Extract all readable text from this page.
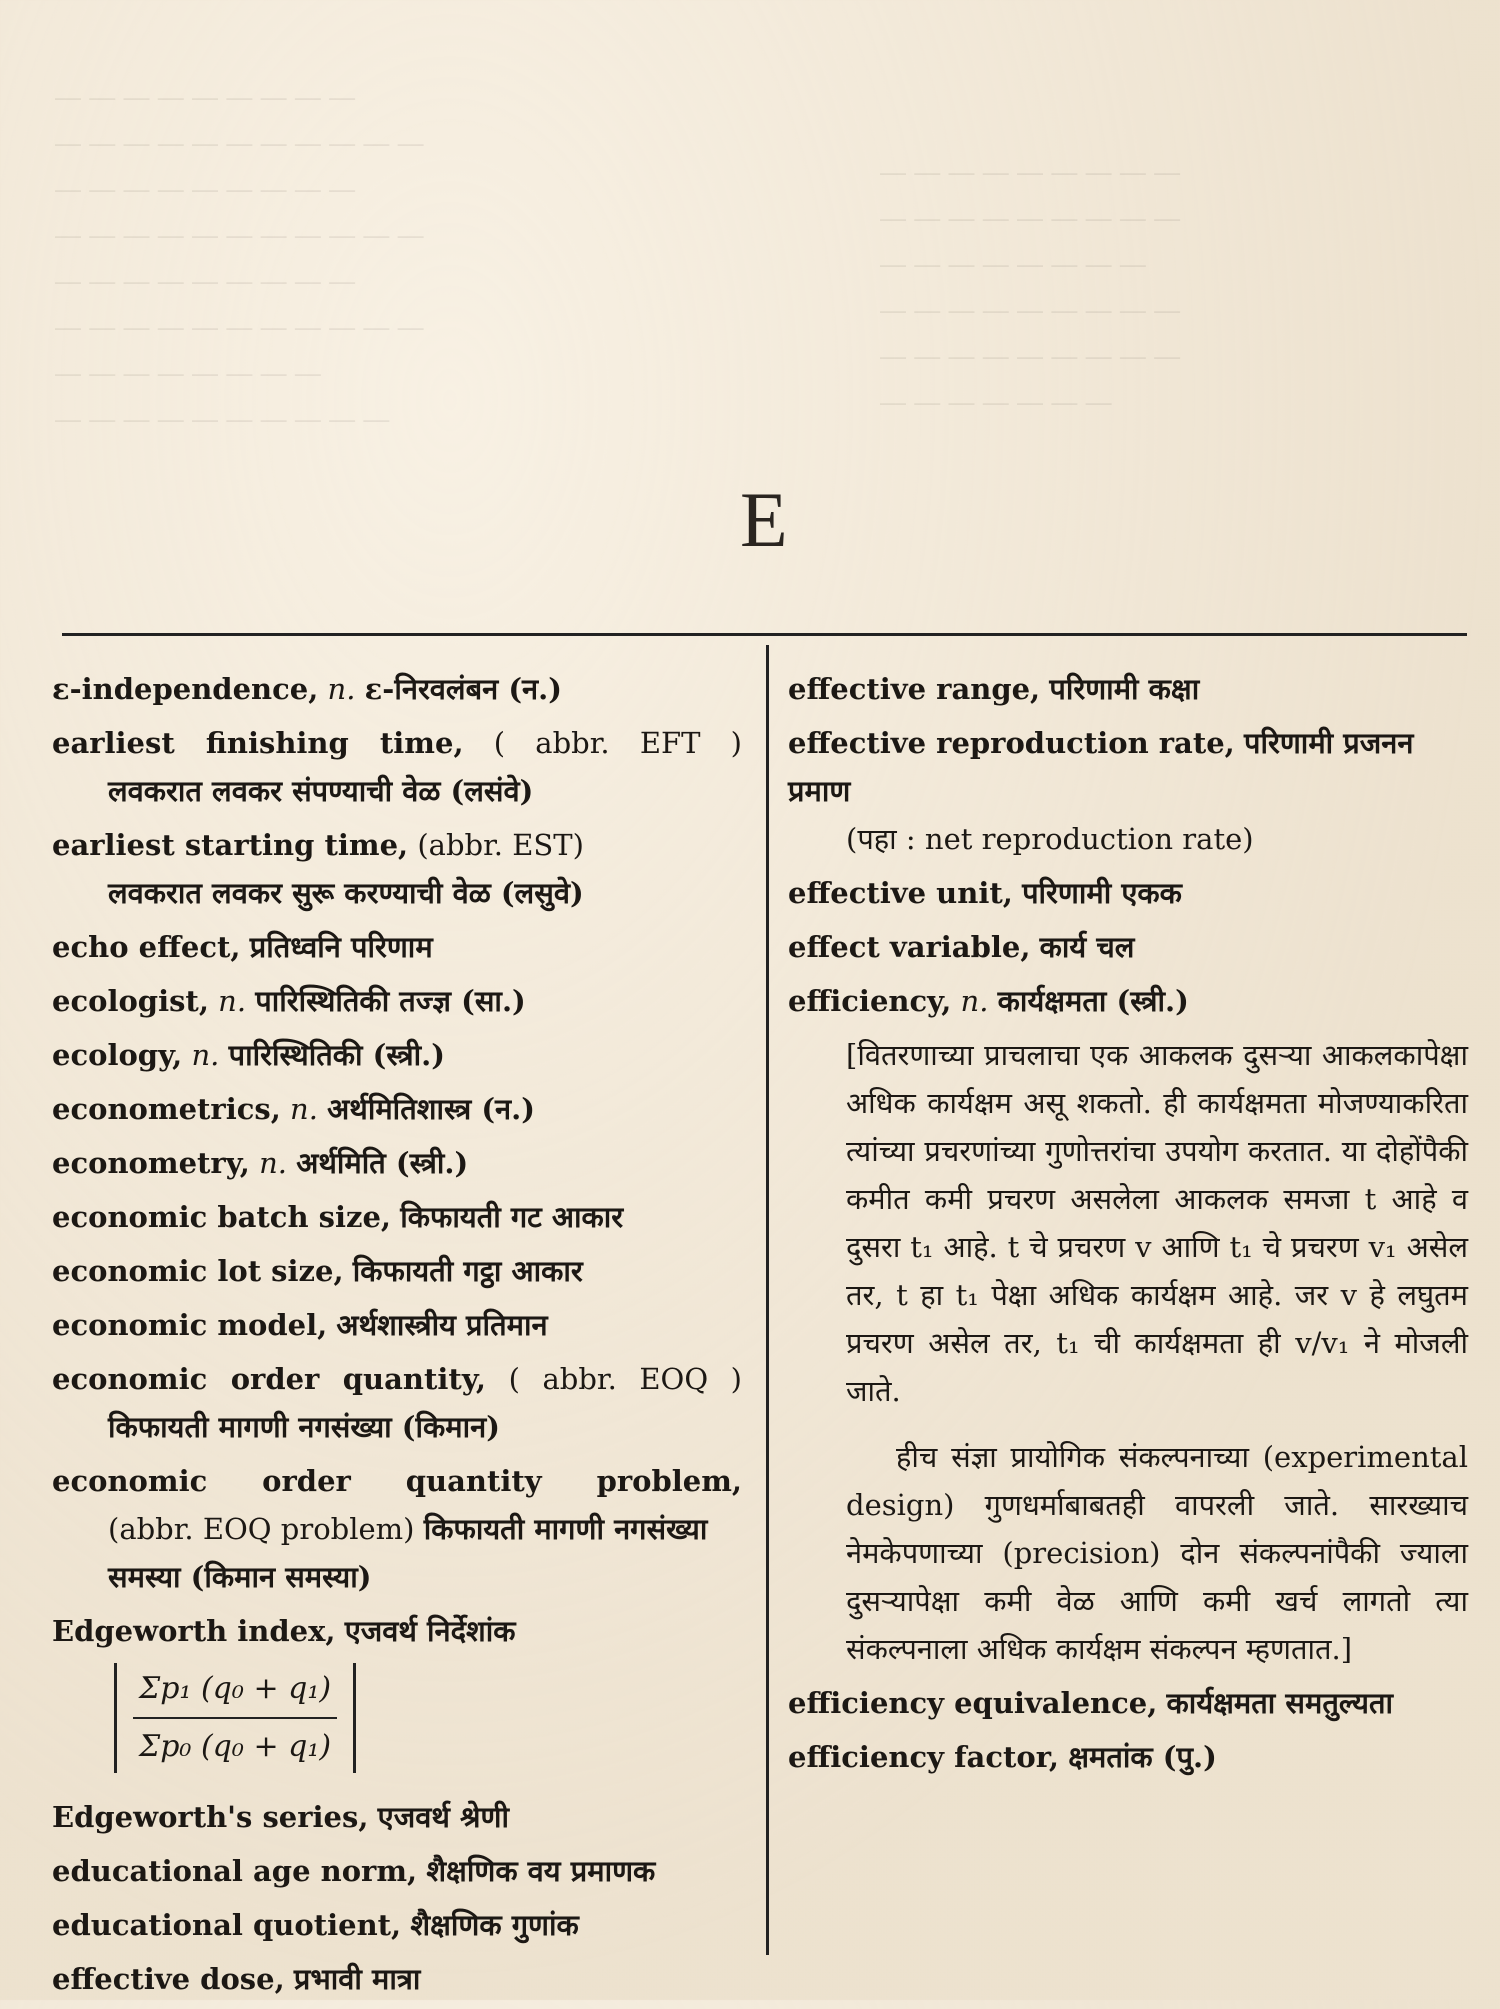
― ― ― ― ― ― ― ― ―
― ― ― ― ― ― ― ― ― ― ―
― ― ― ― ― ― ― ― ―
― ― ― ― ― ― ― ― ― ― ―
― ― ― ― ― ― ― ― ―
― ― ― ― ― ― ― ― ― ― ―
― ― ― ― ― ― ― ―
― ― ― ― ― ― ― ― ― ―
― ― ― ― ― ― ― ― ―
― ― ― ― ― ― ― ― ―
― ― ― ― ― ― ― ―
― ― ― ― ― ― ― ― ―
― ― ― ― ― ― ― ― ―
― ― ― ― ― ― ―
E
ε-independence, n. ε-निरवलंबन (न.)
earliest finishing time, ( abbr. EFT )
लवकरात लवकर संपण्याची वेळ (लसंवे)
earliest starting time, (abbr. EST)
लवकरात लवकर सुरू करण्याची वेळ (लसुवे)
echo effect, प्रतिध्वनि परिणाम
ecologist, n. पारिस्थितिकी तज्ज्ञ (सा.)
ecology, n. पारिस्थितिकी (स्त्री.)
econometrics, n. अर्थमितिशास्त्र (न.)
econometry, n. अर्थमिति (स्त्री.)
economic batch size, किफायती गट आकार
economic lot size, किफायती गट्ठा आकार
economic model, अर्थशास्त्रीय प्रतिमान
economic order quantity, ( abbr. EOQ )
किफायती मागणी नगसंख्या (किमान)
economic order quantity problem,
(abbr. EOQ problem) किफायती मागणी नगसंख्या समस्या (किमान समस्या)
Edgeworth index, एजवर्थ निर्देशांक
$\frac{\text{Σp₁ (q₀ + q₁)}}{\text{Σp₀ (q₀ + q₁)}}$
Edgeworth's series, एजवर्थ श्रेणी
educational age norm, शैक्षणिक वय प्रमाणक
educational quotient, शैक्षणिक गुणांक
effective dose, प्रभावी मात्रा
effective range, परिणामी कक्षा
effective reproduction rate, परिणामी प्रजनन प्रमाण
(पहा : net reproduction rate)
effective unit, परिणामी एकक
effect variable, कार्य चल
efficiency, n. कार्यक्षमता (स्त्री.)
[वितरणाच्या प्राचलाचा एक आकलक दुसऱ्या आकलकापेक्षा अधिक कार्यक्षम असू शकतो. ही कार्यक्षमता मोजण्याकरिता त्यांच्या प्रचरणांच्या गुणोत्तरांचा उपयोग करतात. या दोहोंपैकी कमीत कमी प्रचरण असलेला आकलक समजा t आहे व दुसरा t₁ आहे. t चे प्रचरण v आणि t₁ चे प्रचरण v₁ असेल तर, t हा t₁ पेक्षा अधिक कार्यक्षम आहे. जर v हे लघुतम प्रचरण असेल तर, t₁ ची कार्यक्षमता ही v/v₁ ने मोजली जाते.
हीच संज्ञा प्रायोगिक संकल्पनाच्या (experimental design) गुणधर्माबाबतही वापरली जाते. सारख्याच नेमकेपणाच्या (precision) दोन संकल्पनांपैकी ज्याला दुसऱ्यापेक्षा कमी वेळ आणि कमी खर्च लागतो त्या संकल्पनाला अधिक कार्यक्षम संकल्पन म्हणतात.]
efficiency equivalence, कार्यक्षमता समतुल्यता
efficiency factor, क्षमतांक (पु.)
